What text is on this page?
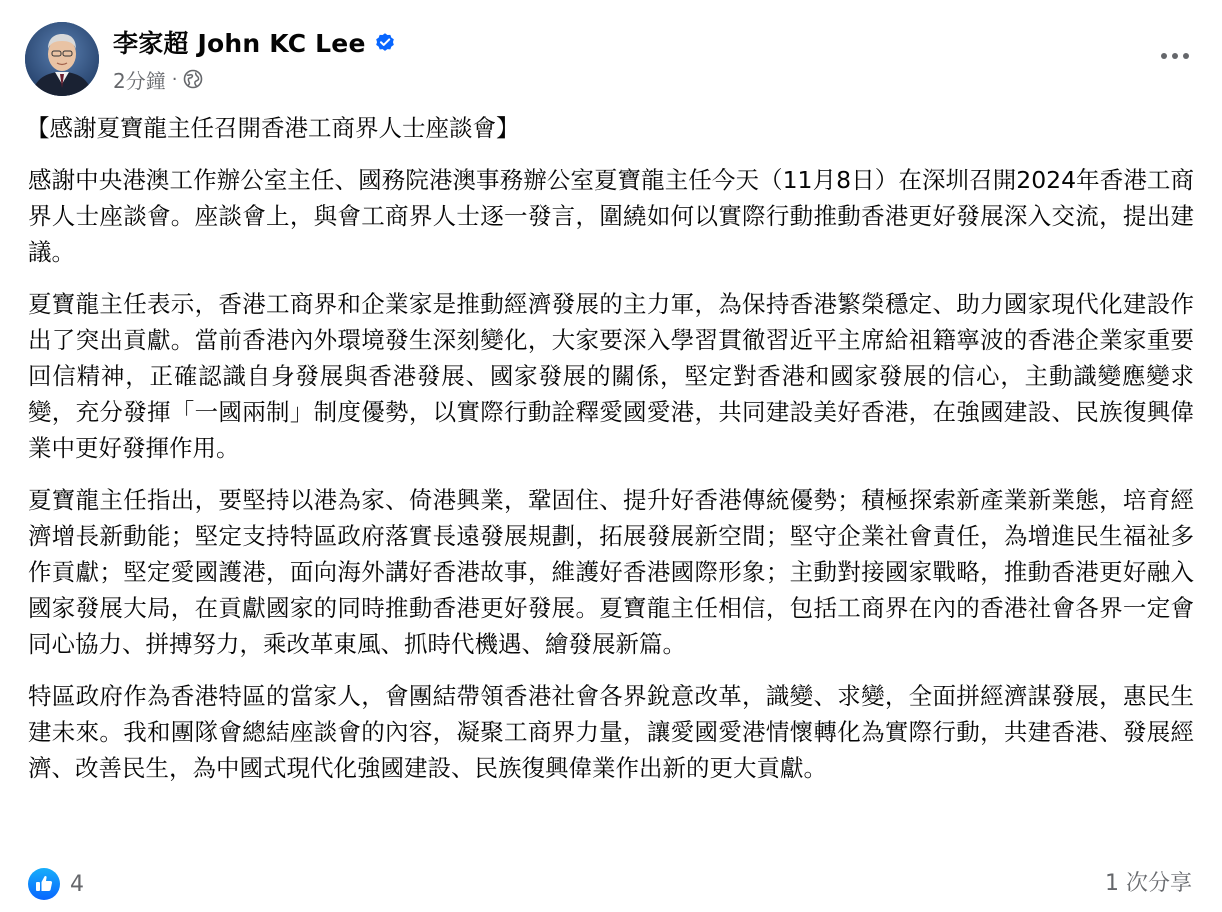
李家超 John KC Lee
2分鐘 ·
【感謝夏寶龍主任召開香港工商界人士座談會】

感謝中央港澳工作辦公室主任、國務院港澳事務辦公室夏寶龍主任今天（11月8日）在深圳召開2024年香港工商界人士座談會。座談會上，與會工商界人士逐一發言，圍繞如何以實際行動推動香港更好發展深入交流，提出建議。

夏寶龍主任表示，香港工商界和企業家是推動經濟發展的主力軍，為保持香港繁榮穩定、助力國家現代化建設作出了突出貢獻。當前香港內外環境發生深刻變化，大家要深入學習貫徹習近平主席給祖籍寧波的香港企業家重要回信精神，正確認識自身發展與香港發展、國家發展的關係，堅定對香港和國家發展的信心，主動識變應變求變，充分發揮「一國兩制」制度優勢，以實際行動詮釋愛國愛港，共同建設美好香港，在強國建設、民族復興偉業中更好發揮作用。

夏寶龍主任指出，要堅持以港為家、倚港興業，鞏固住、提升好香港傳統優勢；積極探索新產業新業態，培育經濟增長新動能；堅定支持特區政府落實長遠發展規劃，拓展發展新空間；堅守企業社會責任，為增進民生福祉多作貢獻；堅定愛國護港，面向海外講好香港故事，維護好香港國際形象；主動對接國家戰略，推動香港更好融入國家發展大局，在貢獻國家的同時推動香港更好發展。夏寶龍主任相信，包括工商界在內的香港社會各界一定會同心協力、拼搏努力，乘改革東風、抓時代機遇、繪發展新篇。

特區政府作為香港特區的當家人，會團結帶領香港社會各界銳意改革，識變、求變，全面拼經濟謀發展，惠民生建未來。我和團隊會總結座談會的內容，凝聚工商界力量，讓愛國愛港情懷轉化為實際行動，共建香港、發展經濟、改善民生，為中國式現代化強國建設、民族復興偉業作出新的更大貢獻。

4	1 次分享
